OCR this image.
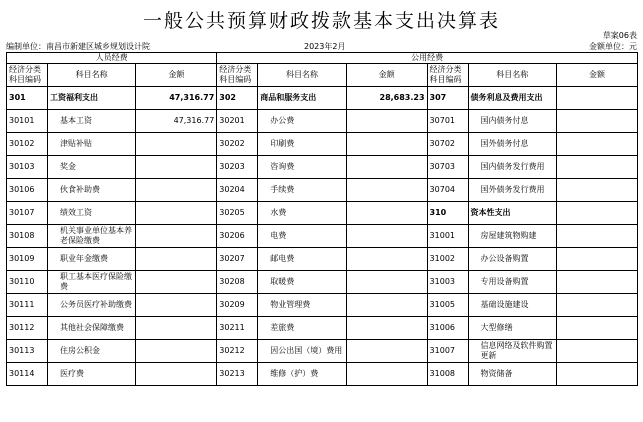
一般公共预算财政拨款基本支出决算表
草案06表
编制单位：南昌市新建区城乡规划设计院	2023年2月	金额单位：元
人员经费			公用经费					
经济分类科目编码	科目名称	金额	经济分类科目编码	科目名称	金额	经济分类科目编码	科目名称	金额
301	工资福利支出	47,316.77	302	商品和服务支出	28,683.23	307	债务利息及费用支出	
30101	基本工资	47,316.77	30201	办公费		30701	国内债务付息	
30102	津贴补贴		30202	印刷费		30702	国外债务付息	
30103	奖金		30203	咨询费		30703	国内债务发行费用	
30106	伙食补助费		30204	手续费		30704	国外债务发行费用	
30107	绩效工资		30205	水费		310	资本性支出	
30108	机关事业单位基本养老保险缴费		30206	电费		31001	房屋建筑物购建	
30109	职业年金缴费		30207	邮电费		31002	办公设备购置	
30110	职工基本医疗保险缴费		30208	取暖费		31003	专用设备购置	
30111	公务员医疗补助缴费		30209	物业管理费		31005	基础设施建设	
30112	其他社会保障缴费		30211	差旅费		31006	大型修缮	
30113	住房公积金		30212	因公出国（境）费用		31007	信息网络及软件购置更新	
30114	医疗费		30213	维修（护）费		31008	物资储备	
